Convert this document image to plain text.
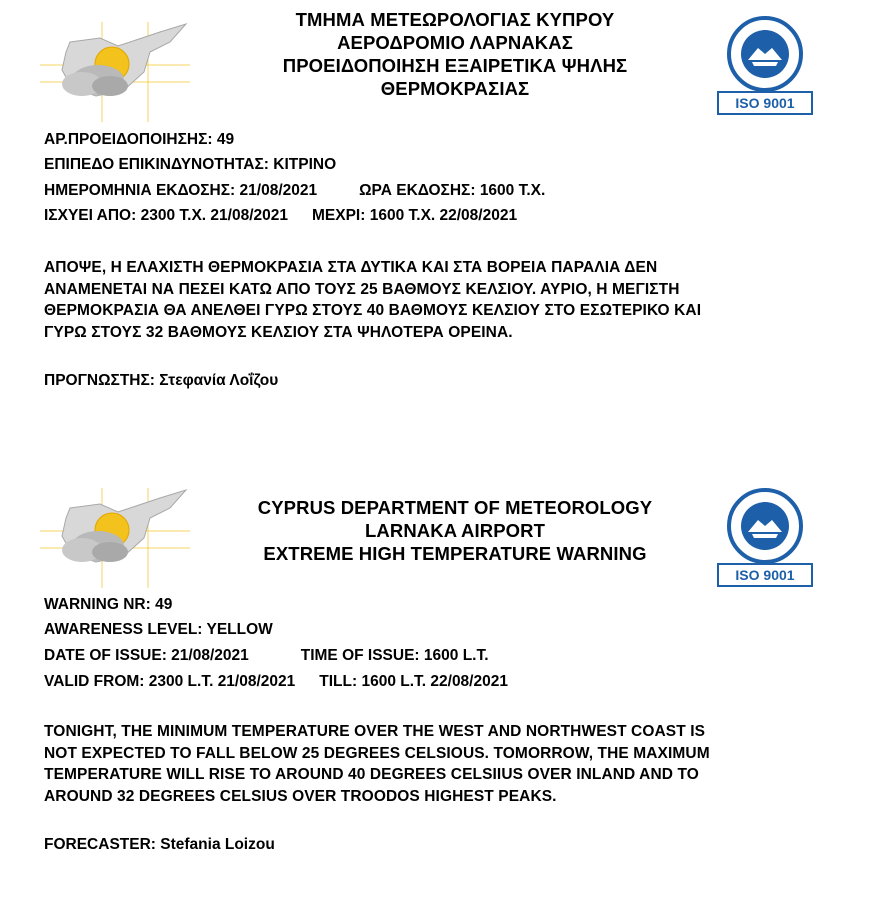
ΤΜΗΜΑ ΜΕΤΕΩΡΟΛΟΓΙΑΣ ΚΥΠΡΟΥ
ΑΕΡΟΔΡΟΜΙΟ ΛΑΡΝΑΚΑΣ
ΠΡΟΕΙΔΟΠΟΙΗΣΗ ΕΞΑΙΡΕΤΙΚΑ ΨΗΛΗΣ
ΘΕΡΜΟΚΡΑΣΙΑΣ
ISO 9001
ΑΡ.ΠΡΟΕΙΔΟΠΟΙΗΣΗΣ: 49
ΕΠΙΠΕΔΟ ΕΠΙΚΙΝΔΥΝΟΤΗΤΑΣ: ΚΙΤΡΙΝΟ
ΗΜΕΡΟΜΗΝΙΑ ΕΚΔΟΣΗΣ: 21/08/2021	ΩΡΑ ΕΚΔΟΣΗΣ: 1600 Τ.Χ.
ΙΣΧΥΕΙ ΑΠΟ: 2300 Τ.Χ. 21/08/2021 ΜΕΧΡΙ: 1600 Τ.Χ. 22/08/2021
ΑΠΟΨΕ, Η ΕΛΑΧΙΣΤΗ ΘΕΡΜΟΚΡΑΣΙΑ ΣΤΑ ΔΥΤΙΚΑ ΚΑΙ ΣΤΑ ΒΟΡΕΙΑ ΠΑΡΑΛΙΑ ΔΕΝ
ΑΝΑΜΕΝΕΤΑΙ ΝΑ ΠΕΣΕΙ ΚΑΤΩ ΑΠΟ ΤΟΥΣ 25 ΒΑΘΜΟΥΣ ΚΕΛΣΙΟΥ. ΑΥΡΙΟ, Η ΜΕΓΙΣΤΗ
ΘΕΡΜΟΚΡΑΣΙΑ ΘΑ ΑΝΕΛΘΕΙ ΓΥΡΩ ΣΤΟΥΣ 40 ΒΑΘΜΟΥΣ ΚΕΛΣΙΟΥ ΣΤΟ ΕΣΩΤΕΡΙΚΟ ΚΑΙ
ΓΥΡΩ ΣΤΟΥΣ 32 ΒΑΘΜΟΥΣ ΚΕΛΣΙΟΥ ΣΤΑ ΨΗΛΟΤΕΡΑ ΟΡΕΙΝΑ.
ΠΡΟΓΝΩΣΤΗΣ: Στεφανία Λοΐζου
CYPRUS DEPARTMENT OF METEOROLOGY
LARNAKA AIRPORT
EXTREME HIGH TEMPERATURE WARNING
ISO 9001
WARNING NR: 49
AWARENESS LEVEL: YELLOW
DATE OF ISSUE: 21/08/2021	TIME OF ISSUE: 1600 L.T.
VALID FROM: 2300 L.T. 21/08/2021 TILL: 1600 L.T. 22/08/2021
TONIGHT, THE MINIMUM TEMPERATURE OVER THE WEST AND NORTHWEST COAST IS
NOT EXPECTED TO FALL BELOW 25 DEGREES CELSIOUS. TOMORROW, THE MAXIMUM
TEMPERATURE WILL RISE TO AROUND 40 DEGREES CELSIIUS OVER INLAND AND TO
AROUND 32 DEGREES CELSIUS OVER TROODOS HIGHEST PEAKS.
FORECASTER: Stefania Loizou
